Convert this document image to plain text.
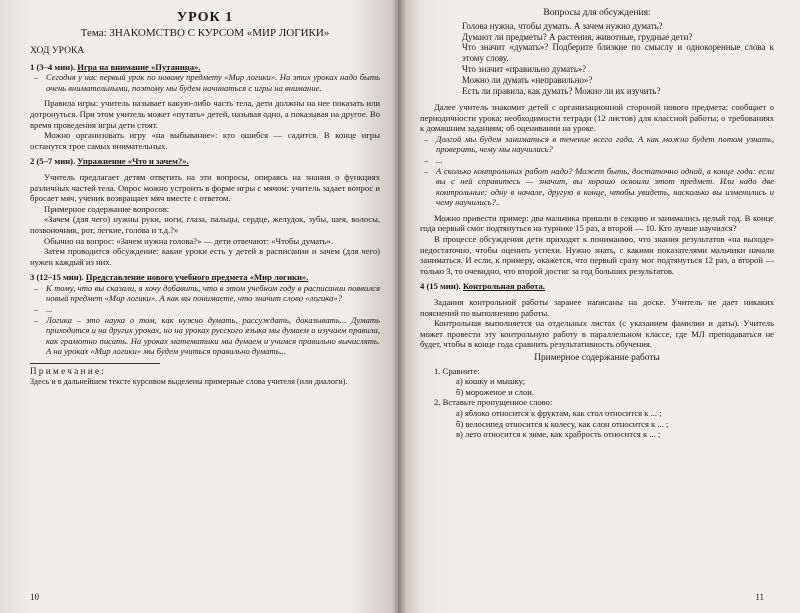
УРОК 1
Тема: ЗНАКОМСТВО С КУРСОМ «МИР ЛОГИКИ»
ХОД УРОКА

1 (3–4 мин). Игра на внимание «Путаница».

– Сегодня у нас первый урок по новому предмету «Мир логики». На этих уроках надо быть очень внимательными, поэтому мы будем начинаться с игры на внимание.

Правила игры: учитель называет какую-либо часть тела, дети должны на нее показать или дотронуться. При этом учитель может «путать» детей, называя одно, а показывая на другое. Во время проведения игры дети стоят.

Можно организовать игру «на выбывание»: кто ошибся — садится. В конце игры останутся трое самых внимательных.

2 (5–7 мин). Упражнение «Что и зачем?».

Учитель предлагает детям ответить на эти вопросы, опираясь на знания о функциях различных частей тела. Опрос можно устроить в форме игры с мячом: учитель задает вопрос и бросает мяч, ученик возвращает мяч вместе с ответом.

Примерное содержание вопросов:

«Зачем (для чего) нужны руки, ноги, глаза, пальцы, сердце, желудок, зубы, шея, волосы, позвоночник, рот, легкие, голова и т.д.?»

Обычно на вопрос: «Зачем нужна голова?» — дети отвечают: «Чтобы думать».

Затем проводится обсуждение: какие уроки есть у детей в расписании и зачем (для чего) нужен каждый из них.

3 (12–15 мин). Представление нового учебного предмета «Мир логики».

– К тому, что вы сказали, я хочу добавить, что в этом учебном году в расписании появился новый предмет «Мир логики». А как вы понимаете, что значит слово «логика»?
– ...
– Логика – это наука о том, как нужно думать, рассуждать, доказывать... Думать приходится и на других уроках, но на уроках русского языка мы думаем и изучаем правила, как грамотно писать. На уроках математики мы думаем и учимся правильно вычислять. А на уроках «Мир логики» мы будем учиться правильно думать...
Примечание:
Здесь и в дальнейшем тексте курсивом выделены примерные слова учителя (или диалоги).
10
Вопросы для обсуждения:

Голова нужна, чтобы думать. А зачем нужно думать?

Думают ли предметы? А растения, животные, грудные дети?

Что значит «думать»? Подберите близкие по смыслу и однокоренные слова к этому слову.

Что значит «правильно думать»?

Можно ли думать «неправильно»?

Есть ли правила, как думать? Можно ли их изучить?

Далее учитель знакомит детей с организационной стороной нового предмета: сообщает о периодичности урока; необходимости тетради (12 листов) для классной работы; о требованиях к домашним заданиям; об оценивании на уроке.

– Долгой мы будем заниматься в течение всего года. А как можно будет потом узнать, проверить, чему мы научились?
– ...
– А сколько контрольных работ надо? Может быть, достаточно одной, в конце года: если вы с ней справитесь — значит, вы хорошо освоили этот предмет. Или надо две контрольные: одну в начале, другую в конце, чтобы увидеть, насколько вы изменились и чему научились?..

Можно привести пример: два мальчика пришли в секцию и занимались целый год. В конце года первый смог подтянуться на турнике 15 раз, а второй — 10. Кто лучше научился?

В процессе обсуждения дети приходят к пониманию, что знания результатов «на выходе» недостаточно, чтобы оценить успехи. Нужно знать, с какими показателями мальчики начали заниматься. И если, к примеру, окажется, что первый сразу мог подтянуться 12 раз, а второй — только 3, то очевидно, что второй достиг за год больших результатов.

4 (15 мин). Контрольная работа.

Задания контрольной работы заранее написаны на доске. Учитель не дает никаких пояснений по выполнению работы.

Контрольная выполняется на отдельных листах (с указанием фамилии и даты). Учитель может провести эту контрольную работу в параллельном классе, где МЛ преподаваться не будет, чтобы в конце года сравнить результативность обучения.

Примерное содержание работы

1. Сравните:

а) кошку и мышку;

б) мороженое и слои.

2. Вставьте пропущенное слово:

а) яблоко относится к фруктам, как стол относится к ... ;

б) велосипед относится к колесу, как слон относится к ... ;

в) лето относится к зиме, как храбрость относится к ... ;

11
